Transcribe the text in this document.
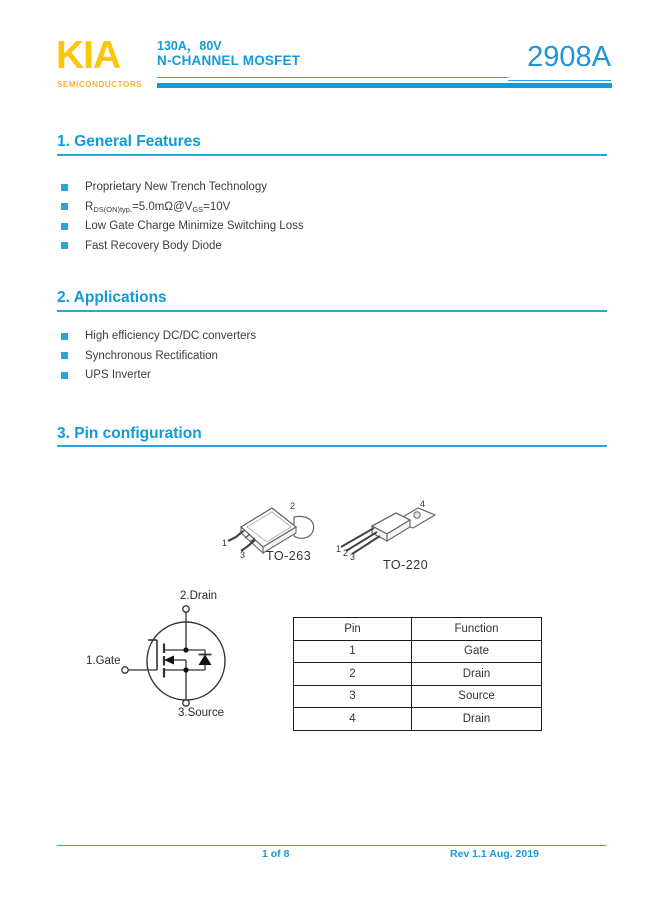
KIA
SEMICONDUCTORS
130A，80V
N-CHANNEL MOSFET	2908A
1. General Features
Proprietary New Trench Technology
$R_{DS(ON)typ.}=5.0m\Omega@V_{GS}=10V$
Low Gate Charge Minimize Switching Loss
Fast Recovery Body Diode
2. Applications
High efficiency DC/DC converters
Synchronous Rectification
UPS Inverter
3. Pin configuration
1
2
3 TO-263	1 2 3
4
TO-220
2.Drain
1.Gate
3.Source
Pin	Function
1	Gate
2	Drain
3	Source
4	Drain
1 of 8	Rev 1.1 Aug. 2019
